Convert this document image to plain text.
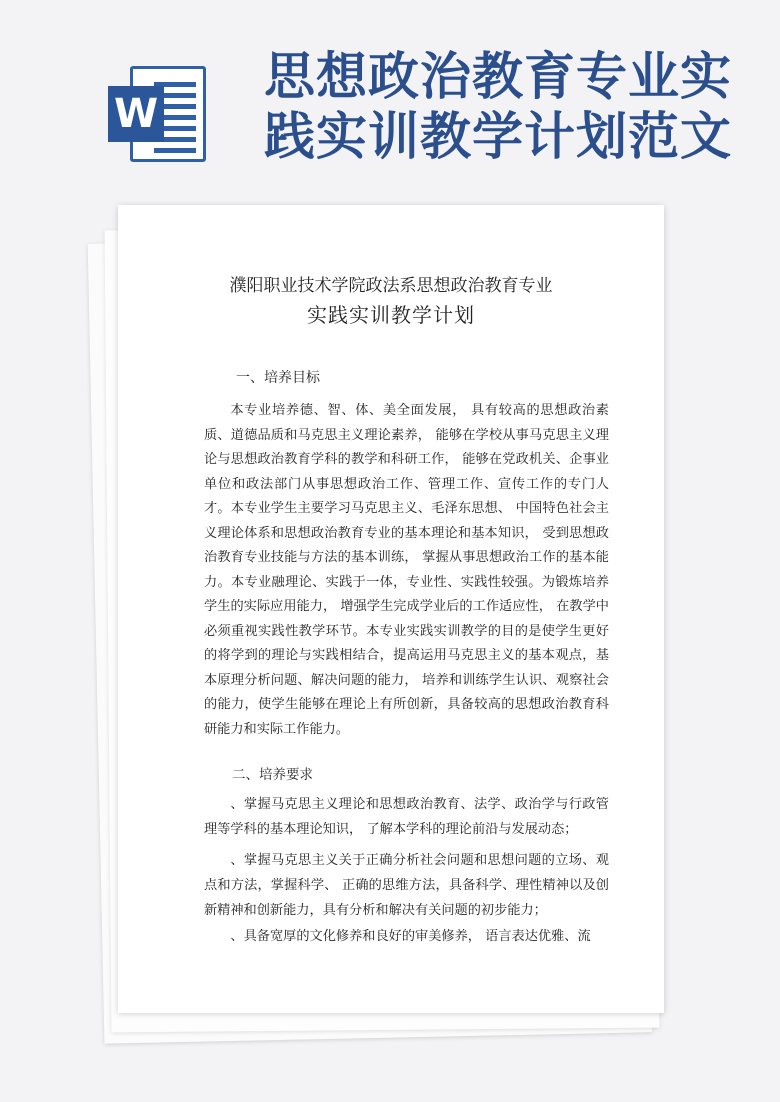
W
思想政治教育专业实践实训教学计划范文
濮阳职业技术学院政法系思想政治教育专业
实践实训教学计划

一、培养目标

本专业培养德、智、体、美全面发展， 具有较高的思想政治素质、道德品质和马克思主义理论素养， 能够在学校从事马克思主义理论与思想政治教育学科的教学和科研工作， 能够在党政机关、企事业单位和政法部门从事思想政治工作、管理工作、宣传工作的专门人才。本专业学生主要学习马克思主义、毛泽东思想、 中国特色社会主义理论体系和思想政治教育专业的基本理论和基本知识， 受到思想政治教育专业技能与方法的基本训练， 掌握从事思想政治工作的基本能力。本专业融理论、实践于一体，专业性、实践性较强。为锻炼培养学生的实际应用能力， 增强学生完成学业后的工作适应性， 在教学中必须重视实践性教学环节。本专业实践实训教学的目的是使学生更好的将学到的理论与实践相结合，提高运用马克思主义的基本观点，基本原理分析问题、解决问题的能力， 培养和训练学生认识、观察社会的能力，使学生能够在理论上有所创新，具备较高的思想政治教育科研能力和实际工作能力。

二、培养要求

、掌握马克思主义理论和思想政治教育、法学、政治学与行政管理等学科的基本理论知识， 了解本学科的理论前沿与发展动态；

、掌握马克思主义关于正确分析社会问题和思想问题的立场、观点和方法，掌握科学、 正确的思维方法，具备科学、理性精神以及创新精神和创新能力，具有分析和解决有关问题的初步能力；

、具备宽厚的文化修养和良好的审美修养， 语言表达优雅、流
